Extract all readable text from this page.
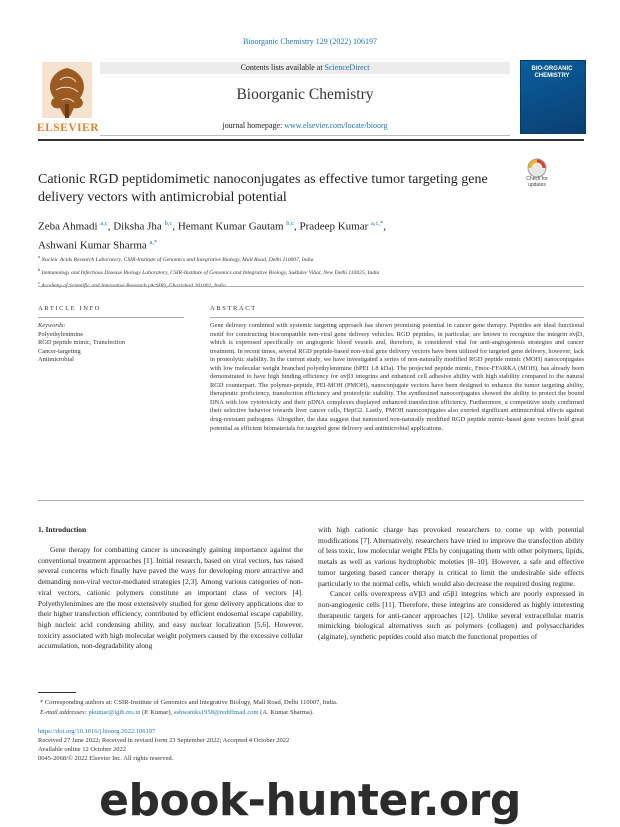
Bioorganic Chemistry 129 (2022) 106197
Contents lists available at ScienceDirect
Bioorganic Chemistry
journal homepage: www.elsevier.com/locate/bioorg
ELSEVIER
BIO-ORGANIC CHEMISTRY
Cationic RGD peptidomimetic nanoconjugates as effective tumor targeting gene delivery vectors with antimicrobial potential
Check for updates
Zeba Ahmadi $^{a,c}$, Diksha Jha $^{b,c}$, Hemant Kumar Gautam $^{b,c}$, Pradeep Kumar $^{a,c,*}$,
Ashwani Kumar Sharma $^{a,*}$
$^a$ Nucleic Acids Research Laboratory, CSIR-Institute of Genomics and Integrative Biology, Mall Road, Delhi 110007, India
$^b$ Immunology and Infectious Disease Biology Laboratory, CSIR-Institute of Genomics and Integrative Biology, Sukhdev Vihar, New Delhi 110025, India
$^c$
ARTICLE INFO	ABSTRACT
Keywords:
Polyethylenimine
RGD peptide mimic, Transfection
Cancer-targeting
Antimicrobial
Gene delivery combined with systemic targeting approach has shown promising potential in cancer gene therapy. Peptides are ideal functional motif for constructing biocompatible non-viral gene delivery vehicles. RGD peptides, in particular, are known to recognize the integrin αvβ3, which is expressed specifically on angiogenic blood vessels and, therefore, is considered vital for anti-angiogenesis strategies and cancer treatment. In recent times, several RGD peptide-based non-viral gene delivery vectors have been utilized for targeted gene delivery, however, lack in proteolytic stability. In the current study, we have investigated a series of non-naturally modified RGD peptide mimic (MOH) nanoconjugates with low molecular weight branched polyethylenimine (bPEI 1.8 kDa). The projected peptide mimic, Fmoc-FFARKA (MOH), has already been demonstrated to have high binding efficiency for αvβ3 integrins and enhanced cell adhesive ability with high stability compared to the natural RGD counterpart. The polymer-peptide, PEI-MOH (PMOH), nanoconjugate vectors have been designed to enhance the tumor targeting ability, therapeutic proficiency, transfection efficiency and proteolytic stability. The synthesized nanoconjugates showed the ability to protect the bound DNA with low cytotoxicity and their pDNA complexes displayed enhanced transfection efficiency. Furthermore, a competitive study confirmed their selective behavior towards liver cancer cells, HepG2. Lastly, PMOH nanoconjugates also exerted significant antimicrobial effects against drug-resistant pathogens. Altogether, the data suggest that nanosized non-naturally modified RGD peptide mimic-based gene vectors hold great potential as efficient biomaterials for targeted gene delivery and antimicrobial applications.
1. Introduction
Gene therapy for combatting cancer is unceasingly gaining importance against the conventional treatment approaches [1]. Initial research, based on viral vectors, has raised several concerns which finally have paved the ways for developing more attractive and demanding non-viral vector-mediated strategies [2,3]. Among various categories of non-viral vectors, cationic polymers constitute an important class of vectors [4]. Polyethylenimines are the most extensively studied for gene delivery applications due to their higher transfection efficiency, contributed by efficient endosomal escape capability, high nucleic acid condensing ability, and easy nuclear localization [5,6]. However, toxicity associated with high molecular weight polymers caused by the excessive cellular accumulation, non-degradability along

with high cationic charge has provoked researchers to come up with potential modifications [7]. Alternatively, researchers have tried to improve the transfection ability of less toxic, low molecular weight PEIs by conjugating them with other polymers, lipids, metals as well as various hydrophobic moieties [8–10]. However, a safe and effective tumor targeting based cancer therapy is critical to limit the undesirable side effects particularly to the normal cells, which would also decrease the required dosing regime.

Cancer cells overexpress αVβ3 and α5β1 integrins which are poorly expressed in non-angiogenic cells [11]. Therefore, these integrins are considered as highly interesting therapeutic targets for anti-cancer approaches [12]. Unlike several extracellular matrix mimicking biological alternatives such as polymers (collagen) and polysaccharides (alginate), synthetic peptides could also match the functional properties of

* Corresponding authors at: CSIR-Institute of Genomics and Integrative Biology, Mall Road, Delhi 110007, India.
E-mail addresses: pkumar@igib.res.in (P. Kumar), ashwaniks1958@rediffmail.com (A. Kumar Sharma).
https://doi.org/10.1016/j.bioorg.2022.106197
Received 27 June 2022; Received in revised form 23 September 2022; Accepted 4 October 2022
Available online 12 October 2022
0045-2068/© 2022 Elsevier Inc. All rights reserved.
ebook-hunter.org
